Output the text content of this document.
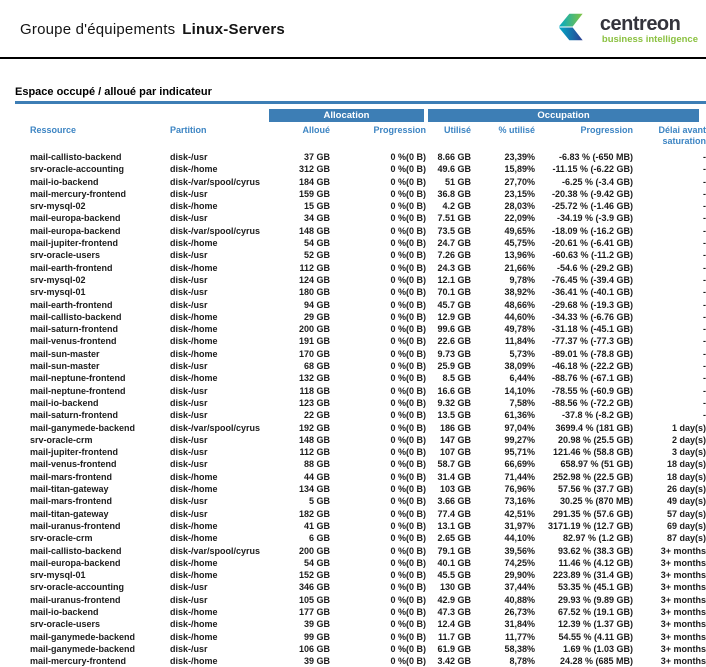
Groupe d'équipements Linux-Servers	centreon
business intelligence
Espace occupé / alloué par indicateur

		Allocation		Occupation			

Ressource	Partition	Alloué	Progression	Utilisé	% utilisé	Progression	Délai avant saturation
mail-callisto-backend	disk-/usr	37 GB	0 %(0 B)	8.66 GB	23,39%	-6.83 % (-650 MB)	-
srv-oracle-accounting	disk-/home	312 GB	0 %(0 B)	49.6 GB	15,89%	-11.15 % (-6.22 GB)	-
mail-io-backend	disk-/var/spool/cyrus	184 GB	0 %(0 B)	51 GB	27,70%	-6.25 % (-3.4 GB)	-
mail-mercury-frontend	disk-/usr	159 GB	0 %(0 B)	36.8 GB	23,15%	-20.38 % (-9.42 GB)	-
srv-mysql-02	disk-/home	15 GB	0 %(0 B)	4.2 GB	28,03%	-25.72 % (-1.46 GB)	-
mail-europa-backend	disk-/usr	34 GB	0 %(0 B)	7.51 GB	22,09%	-34.19 % (-3.9 GB)	-
mail-europa-backend	disk-/var/spool/cyrus	148 GB	0 %(0 B)	73.5 GB	49,65%	-18.09 % (-16.2 GB)	-
mail-jupiter-frontend	disk-/home	54 GB	0 %(0 B)	24.7 GB	45,75%	-20.61 % (-6.41 GB)	-
srv-oracle-users	disk-/usr	52 GB	0 %(0 B)	7.26 GB	13,96%	-60.63 % (-11.2 GB)	-
mail-earth-frontend	disk-/home	112 GB	0 %(0 B)	24.3 GB	21,66%	-54.6 % (-29.2 GB)	-
srv-mysql-02	disk-/usr	124 GB	0 %(0 B)	12.1 GB	9,78%	-76.45 % (-39.4 GB)	-
srv-mysql-01	disk-/usr	180 GB	0 %(0 B)	70.1 GB	38,92%	-36.41 % (-40.1 GB)	-
mail-earth-frontend	disk-/usr	94 GB	0 %(0 B)	45.7 GB	48,66%	-29.68 % (-19.3 GB)	-
mail-callisto-backend	disk-/home	29 GB	0 %(0 B)	12.9 GB	44,60%	-34.33 % (-6.76 GB)	-
mail-saturn-frontend	disk-/home	200 GB	0 %(0 B)	99.6 GB	49,78%	-31.18 % (-45.1 GB)	-
mail-venus-frontend	disk-/home	191 GB	0 %(0 B)	22.6 GB	11,84%	-77.37 % (-77.3 GB)	-
mail-sun-master	disk-/home	170 GB	0 %(0 B)	9.73 GB	5,73%	-89.01 % (-78.8 GB)	-
mail-sun-master	disk-/usr	68 GB	0 %(0 B)	25.9 GB	38,09%	-46.18 % (-22.2 GB)	-
mail-neptune-frontend	disk-/home	132 GB	0 %(0 B)	8.5 GB	6,44%	-88.76 % (-67.1 GB)	-
mail-neptune-frontend	disk-/usr	118 GB	0 %(0 B)	16.6 GB	14,10%	-78.55 % (-60.9 GB)	-
mail-io-backend	disk-/usr	123 GB	0 %(0 B)	9.32 GB	7,58%	-88.56 % (-72.2 GB)	-
mail-saturn-frontend	disk-/usr	22 GB	0 %(0 B)	13.5 GB	61,36%	-37.8 % (-8.2 GB)	-
mail-ganymede-backend	disk-/var/spool/cyrus	192 GB	0 %(0 B)	186 GB	97,04%	3699.4 % (181 GB)	1 day(s)
srv-oracle-crm	disk-/usr	148 GB	0 %(0 B)	147 GB	99,27%	20.98 % (25.5 GB)	2 day(s)
mail-jupiter-frontend	disk-/usr	112 GB	0 %(0 B)	107 GB	95,71%	121.46 % (58.8 GB)	3 day(s)
mail-venus-frontend	disk-/usr	88 GB	0 %(0 B)	58.7 GB	66,69%	658.97 % (51 GB)	18 day(s)
mail-mars-frontend	disk-/home	44 GB	0 %(0 B)	31.4 GB	71,44%	252.98 % (22.5 GB)	18 day(s)
mail-titan-gateway	disk-/home	134 GB	0 %(0 B)	103 GB	76,96%	57.56 % (37.7 GB)	26 day(s)
mail-mars-frontend	disk-/usr	5 GB	0 %(0 B)	3.66 GB	73,16%	30.25 % (870 MB)	49 day(s)
mail-titan-gateway	disk-/usr	182 GB	0 %(0 B)	77.4 GB	42,51%	291.35 % (57.6 GB)	57 day(s)
mail-uranus-frontend	disk-/home	41 GB	0 %(0 B)	13.1 GB	31,97%	3171.19 % (12.7 GB)	69 day(s)
srv-oracle-crm	disk-/home	6 GB	0 %(0 B)	2.65 GB	44,10%	82.97 % (1.2 GB)	87 day(s)
mail-callisto-backend	disk-/var/spool/cyrus	200 GB	0 %(0 B)	79.1 GB	39,56%	93.62 % (38.3 GB)	3+ months
mail-europa-backend	disk-/home	54 GB	0 %(0 B)	40.1 GB	74,25%	11.46 % (4.12 GB)	3+ months
srv-mysql-01	disk-/home	152 GB	0 %(0 B)	45.5 GB	29,90%	223.89 % (31.4 GB)	3+ months
srv-oracle-accounting	disk-/usr	346 GB	0 %(0 B)	130 GB	37,44%	53.35 % (45.1 GB)	3+ months
mail-uranus-frontend	disk-/usr	105 GB	0 %(0 B)	42.9 GB	40,88%	29.93 % (9.89 GB)	3+ months
mail-io-backend	disk-/home	177 GB	0 %(0 B)	47.3 GB	26,73%	67.52 % (19.1 GB)	3+ months
srv-oracle-users	disk-/home	39 GB	0 %(0 B)	12.4 GB	31,84%	12.39 % (1.37 GB)	3+ months
mail-ganymede-backend	disk-/home	99 GB	0 %(0 B)	11.7 GB	11,77%	54.55 % (4.11 GB)	3+ months
mail-ganymede-backend	disk-/usr	106 GB	0 %(0 B)	61.9 GB	58,38%	1.69 % (1.03 GB)	3+ months
mail-mercury-frontend	disk-/home	39 GB	0 %(0 B)	3.42 GB	8,78%	24.28 % (685 MB)	3+ months
